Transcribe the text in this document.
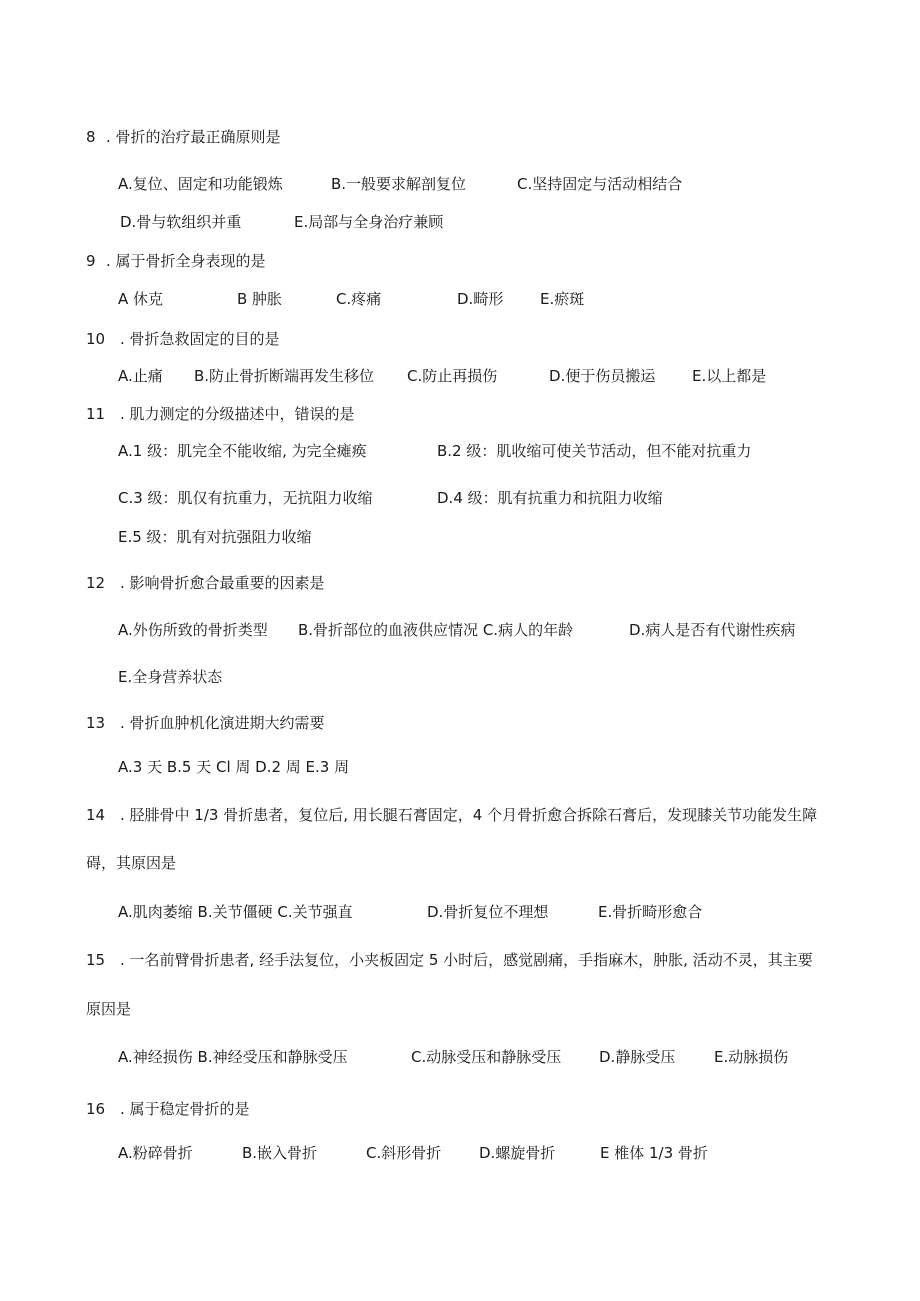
8 . 骨折的治疗最正确原则是
A.复位、固定和功能锻炼	B.一般要求解剖复位	C.坚持固定与活动相结合
D.骨与软组织并重	E.局部与全身治疗兼顾
9 . 属于骨折全身表现的是
A 休克	B 肿胀	C.疼痛	D.畸形 E.瘀斑
10 . 骨折急救固定的目的是
A.止痛 B.防止骨折断端再发生移位 C.防止再损伤	D.便于伤员搬运 E.以上都是
11 . 肌力测定的分级描述中，错误的是
A.1 级：肌完全不能收缩, 为完全瘫痪	B.2 级：肌收缩可使关节活动，但不能对抗重力
C.3 级：肌仅有抗重力，无抗阻力收缩	D.4 级：肌有抗重力和抗阻力收缩
E.5 级：肌有对抗强阻力收缩
12 . 影响骨折愈合最重要的因素是
A.外伤所致的骨折类型 B.骨折部位的血液供应情况 C.病人的年龄	D.病人是否有代谢性疾病
E.全身营养状态
13 . 骨折血肿机化演进期大约需要
A.3 天 B.5 天 Cl 周 D.2 周 E.3 周
14 . 胫腓骨中 1/3 骨折患者，复位后, 用长腿石膏固定，4 个月骨折愈合拆除石膏后，发现膝关节功能发生障
碍，其原因是
A.肌肉萎缩 B.关节僵硬 C.关节强直	D.骨折复位不理想	E.骨折畸形愈合
15 . 一名前臂骨折患者, 经手法复位，小夹板固定 5 小时后，感觉剧痛，手指麻木，肿胀, 活动不灵，其主要
原因是
A.神经损伤 B.神经受压和静脉受压	C.动脉受压和静脉受压	D.静脉受压	E.动脉损伤
16 . 属于稳定骨折的是
A.粉碎骨折	B.嵌入骨折	C.斜形骨折	D.螺旋骨折	E 椎体 1/3 骨折
